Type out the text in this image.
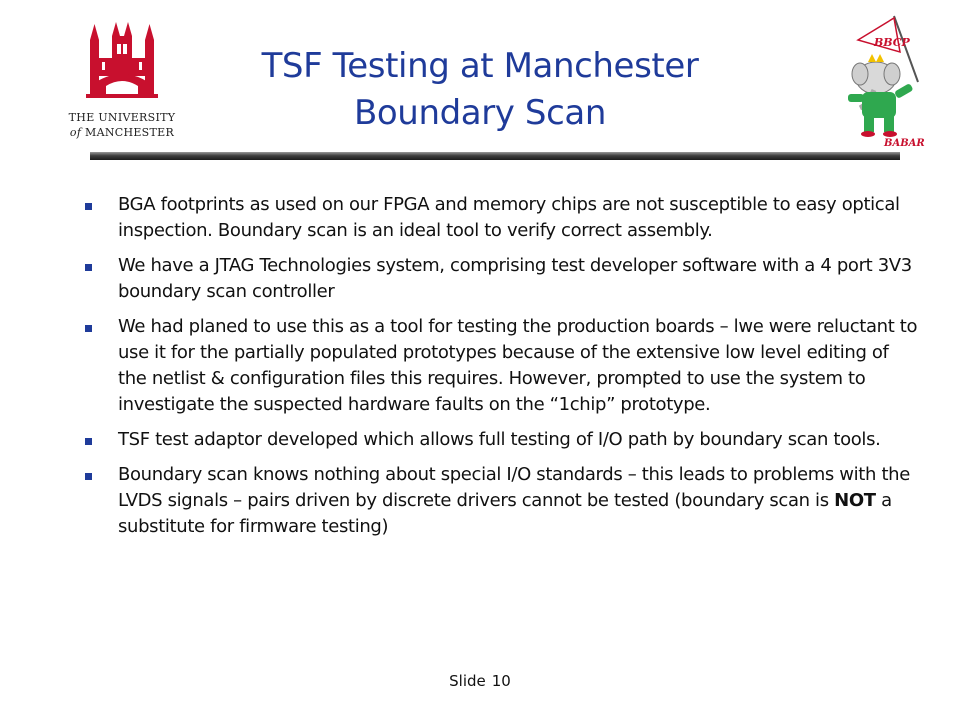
THE UNIVERSITY
of MANCHESTER
TSF Testing at Manchester
Boundary Scan
BBCP
BABAR
BGA footprints as used on our FPGA and memory chips are not susceptible to easy optical inspection. Boundary scan is an ideal tool to verify correct assembly.
We have a JTAG Technologies system, comprising test developer software with a 4 port 3V3 boundary scan controller
We had planed to use this as a tool for testing the production boards – lwe were reluctant to use it for the partially populated prototypes because of the extensive low level editing of the netlist & configuration files this requires. However, prompted to use the system to investigate the suspected hardware faults on the “1chip” prototype.
TSF test adaptor developed which allows full testing of I/O path by boundary scan tools.
Boundary scan knows nothing about special I/O standards – this leads to problems with the LVDS signals – pairs driven by discrete drivers cannot be tested (boundary scan is NOT a substitute for firmware testing)
Slide 10
